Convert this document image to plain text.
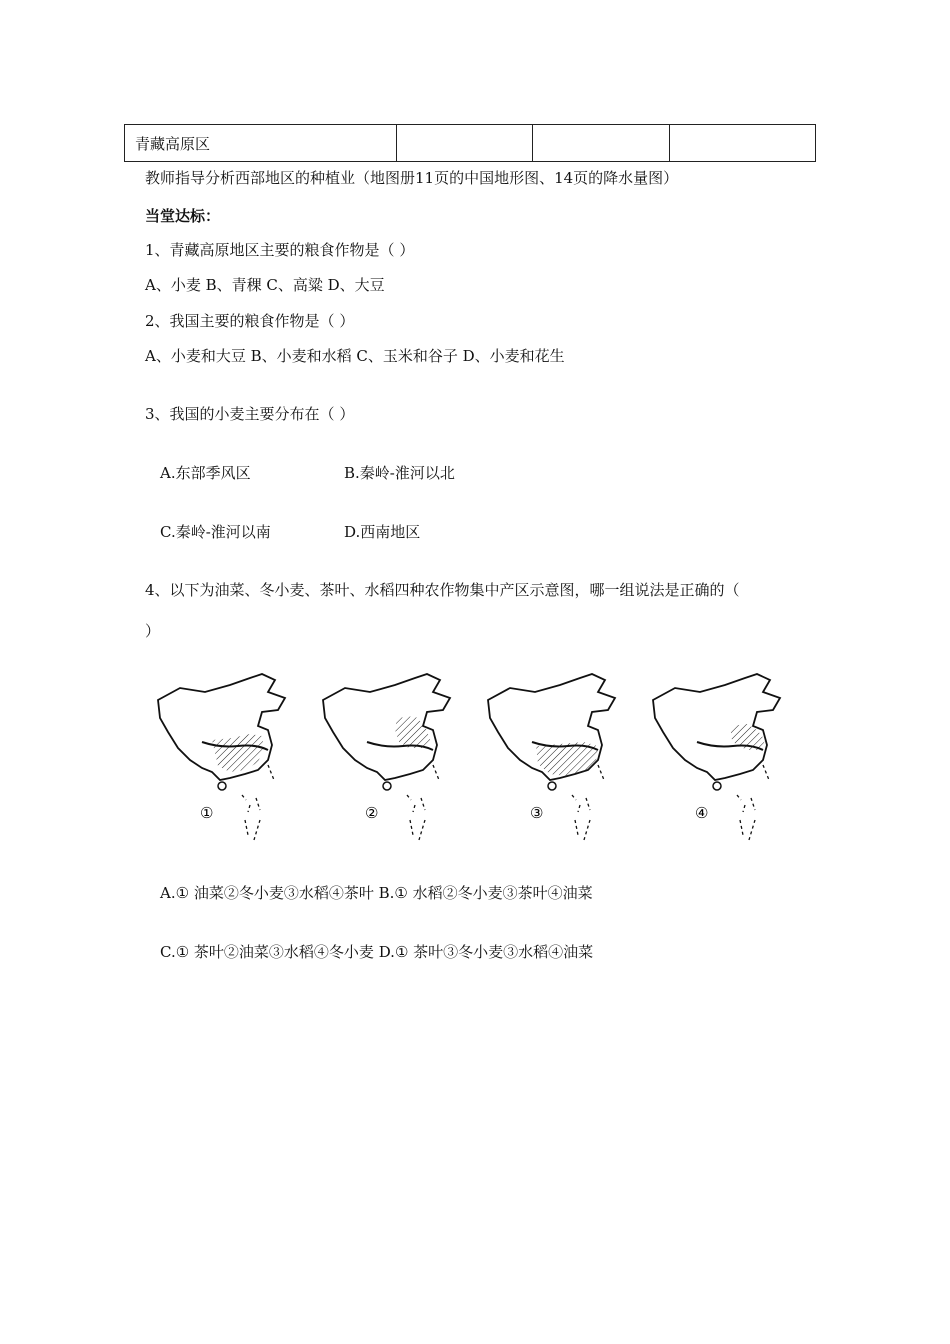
青藏高原区			
教师指导分析西部地区的种植业（地图册11页的中国地形图、14页的降水量图）
当堂达标：
1、青藏高原地区主要的粮食作物是（ ）
A、小麦 B、青稞 C、高粱 D、大豆
2、我国主要的粮食作物是（ ）
A、小麦和大豆 B、小麦和水稻 C、玉米和谷子 D、小麦和花生
3、我国的小麦主要分布在（ ）
A.东部季风区	B.秦岭-淮河以北
C.秦岭-淮河以南	D.西南地区
4、以下为油菜、冬小麦、茶叶、水稻四种农作物集中产区示意图，哪一组说法是正确的（
）
①	②	③	④
A.① 油菜②冬小麦③水稻④茶叶 B.① 水稻②冬小麦③茶叶④油菜
C.① 茶叶②油菜③水稻④冬小麦 D.① 茶叶③冬小麦③水稻④油菜
